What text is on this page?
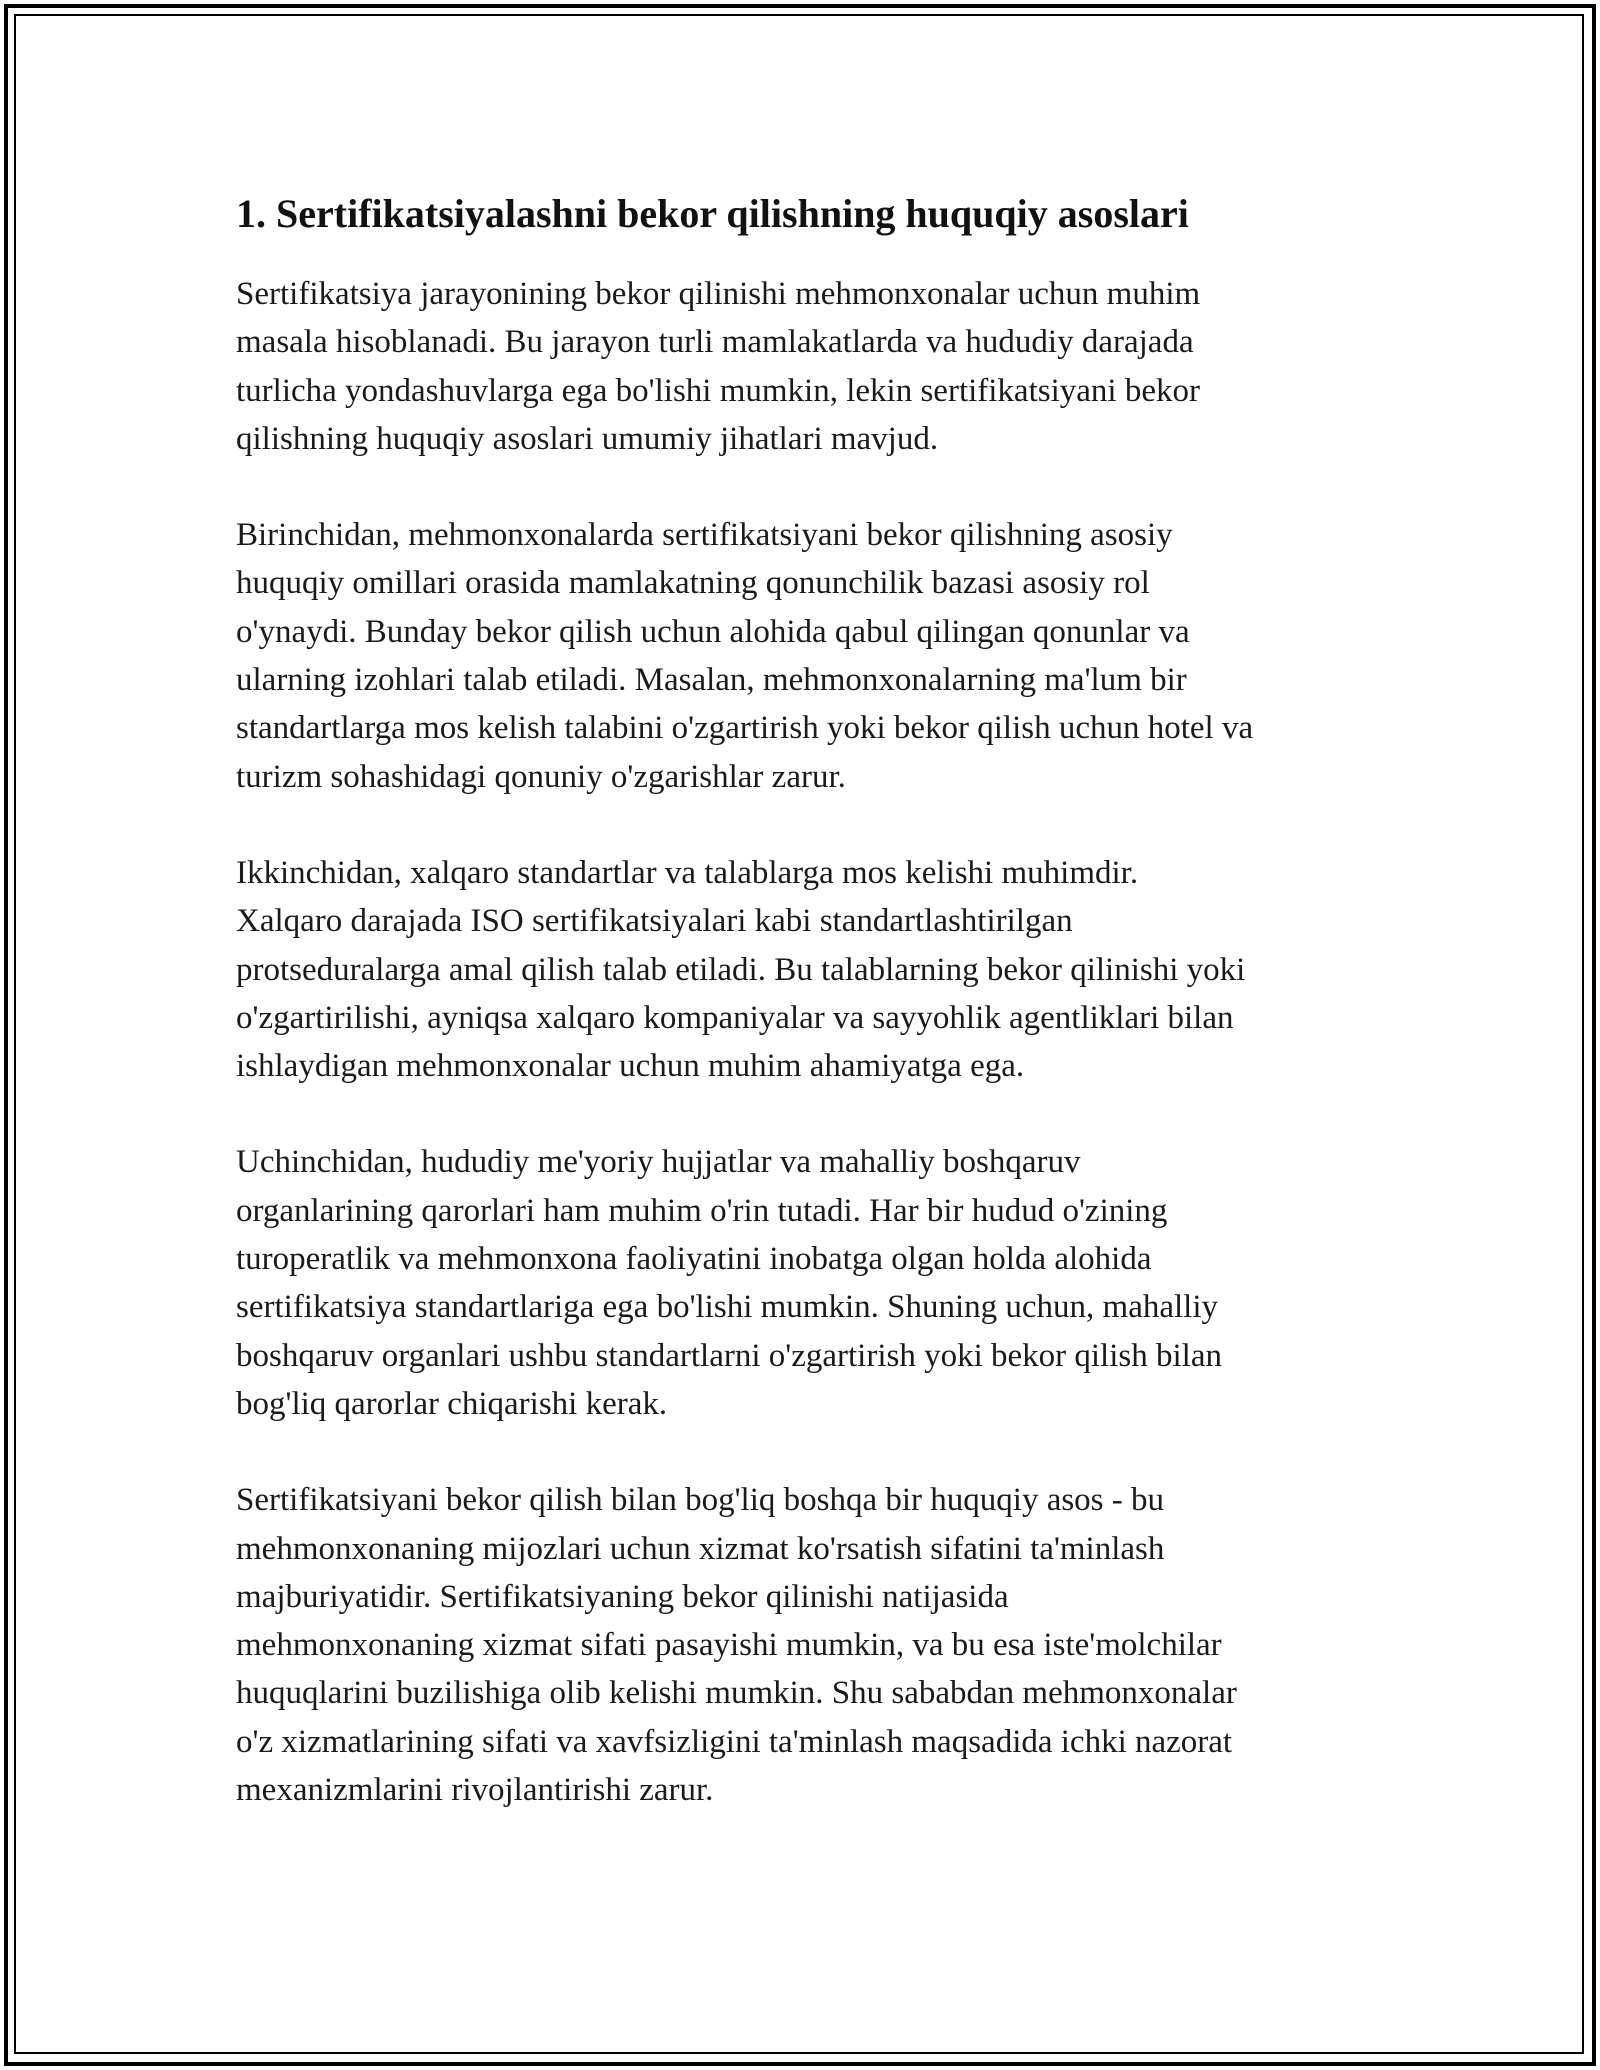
1. Sertifikatsiyalashni bekor qilishning huquqiy asoslari

Sertifikatsiya jarayonining bekor qilinishi mehmonxonalar uchun muhim
masala hisoblanadi. Bu jarayon turli mamlakatlarda va hududiy darajada
turlicha yondashuvlarga ega bo'lishi mumkin, lekin sertifikatsiyani bekor
qilishning huquqiy asoslari umumiy jihatlari mavjud.

Birinchidan, mehmonxonalarda sertifikatsiyani bekor qilishning asosiy
huquqiy omillari orasida mamlakatning qonunchilik bazasi asosiy rol
o'ynaydi. Bunday bekor qilish uchun alohida qabul qilingan qonunlar va
ularning izohlari talab etiladi. Masalan, mehmonxonalarning ma'lum bir
standartlarga mos kelish talabini o'zgartirish yoki bekor qilish uchun hotel va
turizm sohashidagi qonuniy o'zgarishlar zarur.

Ikkinchidan, xalqaro standartlar va talablarga mos kelishi muhimdir.
Xalqaro darajada ISO sertifikatsiyalari kabi standartlashtirilgan
protseduralarga amal qilish talab etiladi. Bu talablarning bekor qilinishi yoki
o'zgartirilishi, ayniqsa xalqaro kompaniyalar va sayyohlik agentliklari bilan
ishlaydigan mehmonxonalar uchun muhim ahamiyatga ega.

Uchinchidan, hududiy me'yoriy hujjatlar va mahalliy boshqaruv
organlarining qarorlari ham muhim o'rin tutadi. Har bir hudud o'zining
turoperatlik va mehmonxona faoliyatini inobatga olgan holda alohida
sertifikatsiya standartlariga ega bo'lishi mumkin. Shuning uchun, mahalliy
boshqaruv organlari ushbu standartlarni o'zgartirish yoki bekor qilish bilan
bog'liq qarorlar chiqarishi kerak.

Sertifikatsiyani bekor qilish bilan bog'liq boshqa bir huquqiy asos - bu
mehmonxonaning mijozlari uchun xizmat ko'rsatish sifatini ta'minlash
majburiyatidir. Sertifikatsiyaning bekor qilinishi natijasida
mehmonxonaning xizmat sifati pasayishi mumkin, va bu esa iste'molchilar
huquqlarini buzilishiga olib kelishi mumkin. Shu sababdan mehmonxonalar
o'z xizmatlarining sifati va xavfsizligini ta'minlash maqsadida ichki nazorat
mexanizmlarini rivojlantirishi zarur.
